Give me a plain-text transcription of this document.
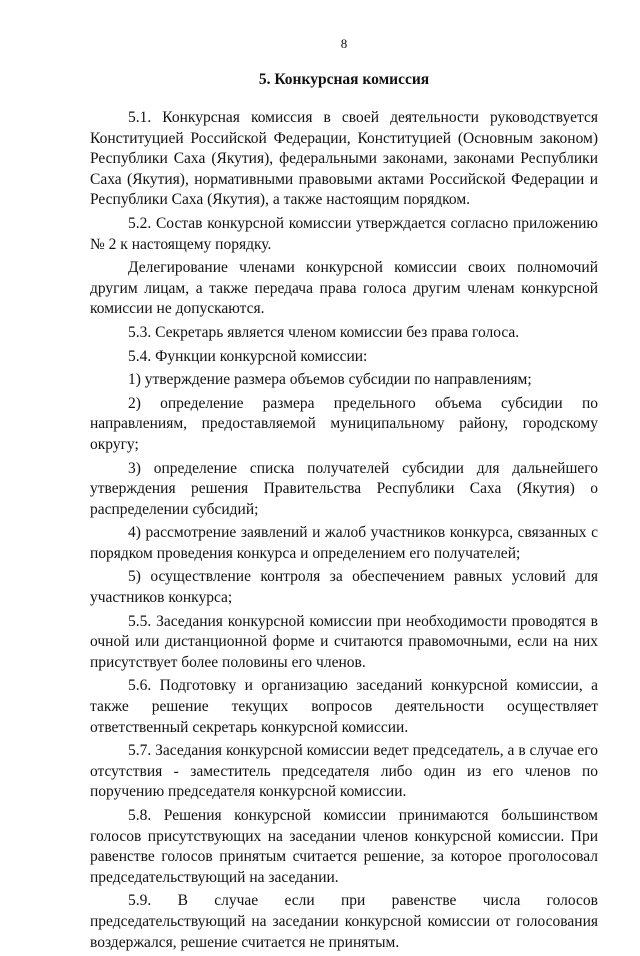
8
5. Конкурсная комиссия

5.1. Конкурсная комиссия в своей деятельности руководствуется Конституцией Российской Федерации, Конституцией (Основным законом) Республики Саха (Якутия), федеральными законами, законами Республики Саха (Якутия), нормативными правовыми актами Российской Федерации и Республики Саха (Якутия), а также настоящим порядком.

5.2. Состав конкурсной комиссии утверждается согласно приложению № 2 к настоящему порядку.

Делегирование членами конкурсной комиссии своих полномочий другим лицам, а также передача права голоса другим членам конкурсной комиссии не допускаются.

5.3. Секретарь является членом комиссии без права голоса.

5.4. Функции конкурсной комиссии:

1) утверждение размера объемов субсидии по направлениям;

2) определение размера предельного объема субсидии по направлениям, предоставляемой муниципальному району, городскому округу;

3) определение списка получателей субсидии для дальнейшего утверждения решения Правительства Республики Саха (Якутия) о распределении субсидий;

4) рассмотрение заявлений и жалоб участников конкурса, связанных с порядком проведения конкурса и определением его получателей;

5) осуществление контроля за обеспечением равных условий для участников конкурса;

5.5. Заседания конкурсной комиссии при необходимости проводятся в очной или дистанционной форме и считаются правомочными, если на них присутствует более половины его членов.

5.6. Подготовку и организацию заседаний конкурсной комиссии, а также решение текущих вопросов деятельности осуществляет ответственный секретарь конкурсной комиссии.

5.7. Заседания конкурсной комиссии ведет председатель, а в случае его отсутствия - заместитель председателя либо один из его членов по поручению председателя конкурсной комиссии.

5.8. Решения конкурсной комиссии принимаются большинством голосов присутствующих на заседании членов конкурсной комиссии. При равенстве голосов принятым считается решение, за которое проголосовал председательствующий на заседании.

5.9. В случае если при равенстве числа голосов председательствующий на заседании конкурсной комиссии от голосования воздержался, решение считается не принятым.
